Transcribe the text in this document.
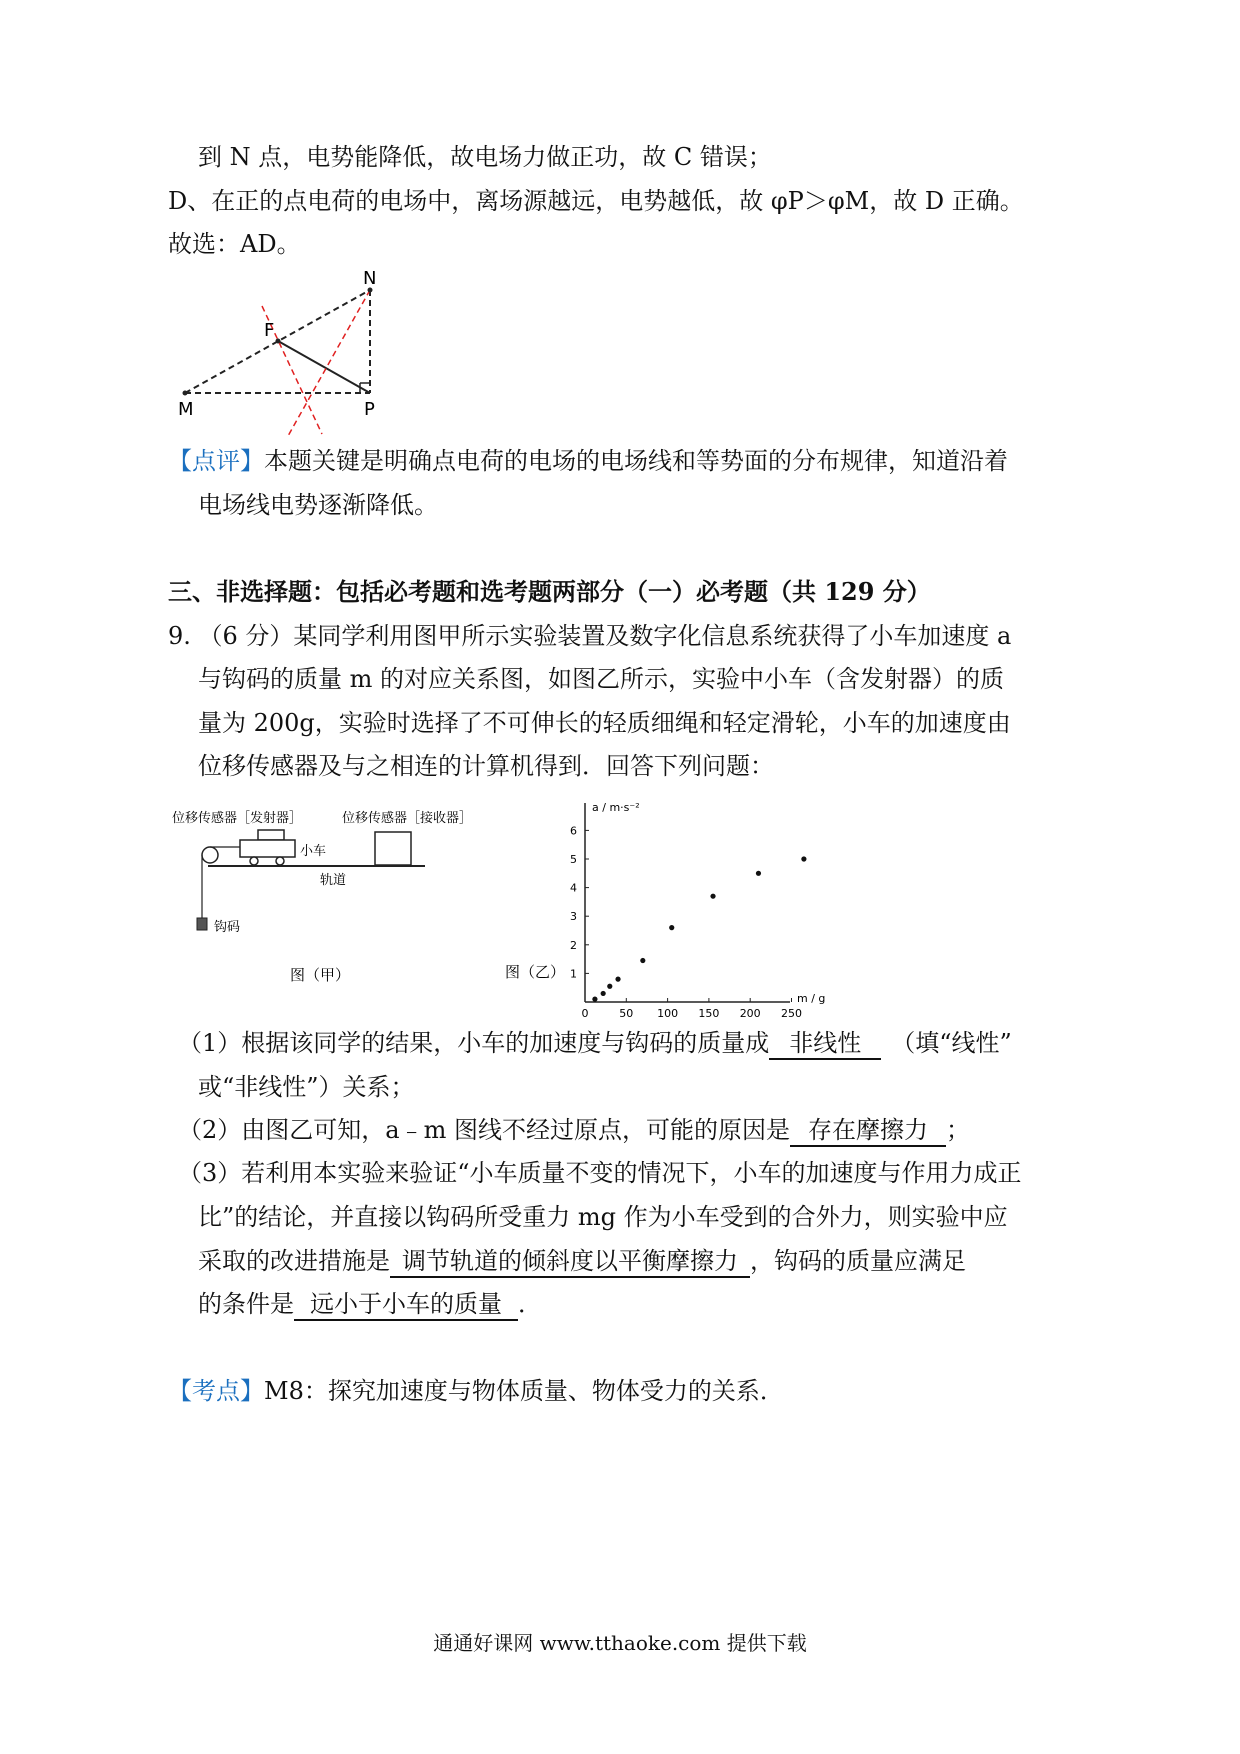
到 N 点，电势能降低，故电场力做正功，故 C 错误；
D、在正的点电荷的电场中，离场源越远，电势越低，故 φP＞φM，故 D 正确。
故选：AD。
N
F
M	P
【点评】本题关键是明确点电荷的电场的电场线和等势面的分布规律，知道沿着
电场线电势逐渐降低。
三、非选择题：包括必考题和选考题两部分（一）必考题（共 129 分）
9. （6 分）某同学利用图甲所示实验装置及数字化信息系统获得了小车加速度 a
与钩码的质量 m 的对应关系图，如图乙所示，实验中小车（含发射器）的质
量为 200g，实验时选择了不可伸长的轻质细绳和轻定滑轮，小车的加速度由
位移传感器及与之相连的计算机得到．回答下列问题：
位移传感器［发射器］	位移传感器［接收器］
小车
轨道
钩码
图（甲）	图（乙）
a / m·s⁻²
m / g
0	50 100 150 200 250
1
2
3
4
5
6
（1）根据该同学的结果，小车的加速度与钩码的质量成 非线性 （填“线性”
或“非线性”）关系；
（2）由图乙可知，a﹣m 图线不经过原点，可能的原因是 存在摩擦力 ；
（3）若利用本实验来验证“小车质量不变的情况下，小车的加速度与作用力成正
比”的结论，并直接以钩码所受重力 mg 作为小车受到的合外力，则实验中应
采取的改进措施是 调节轨道的倾斜度以平衡摩擦力 ，钩码的质量应满足
的条件是 远小于小车的质量 ．
【考点】M8：探究加速度与物体质量、物体受力的关系．
通通好课网 www.tthaoke.com 提供下载
